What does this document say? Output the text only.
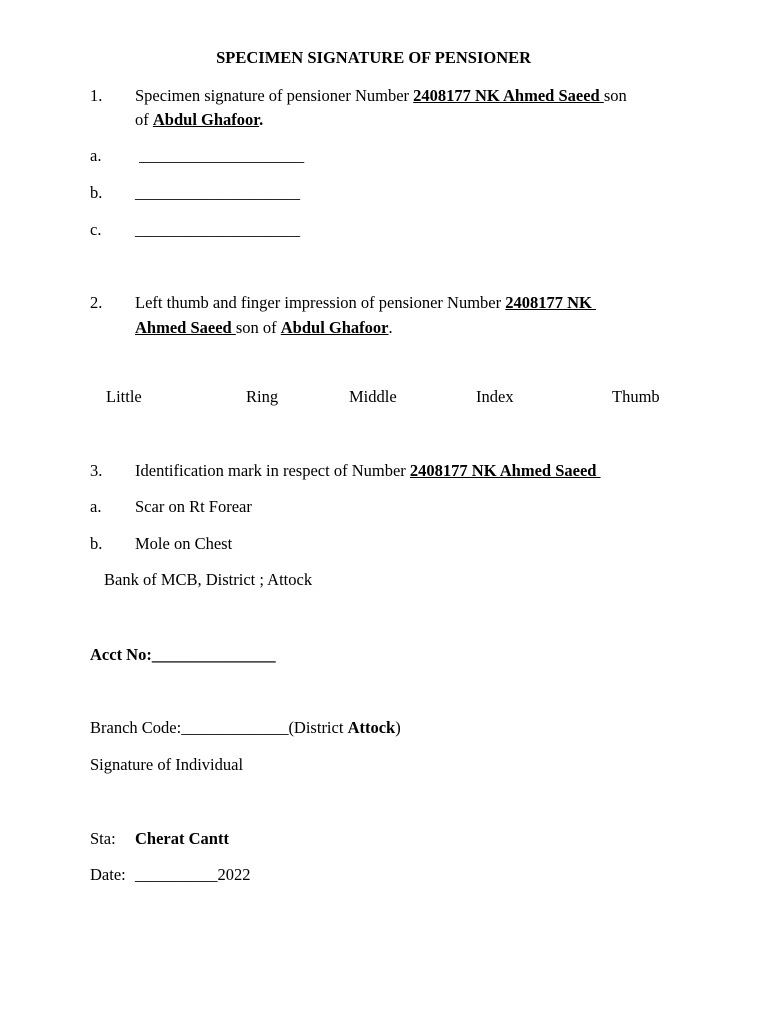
SPECIMEN SIGNATURE OF PENSIONER
1. Specimen signature of pensioner Number 2408177 NK Ahmed Saeed son
of Abdul Ghafoor.
a. ____________________
b. ____________________
c. ____________________
2. Left thumb and finger impression of pensioner Number 2408177 NK
Ahmed Saeed son of Abdul Ghafoor.
Little	Ring	Middle	Index	Thumb
3. Identification mark in respect of Number 2408177 NK Ahmed Saeed
a. Scar on Rt Forear
b. Mole on Chest
Bank of MCB, District ; Attock
Acct No:_______________
Branch Code:_____________(District Attock)
Signature of Individual
Sta: Cherat Cantt
Date: __________2022
